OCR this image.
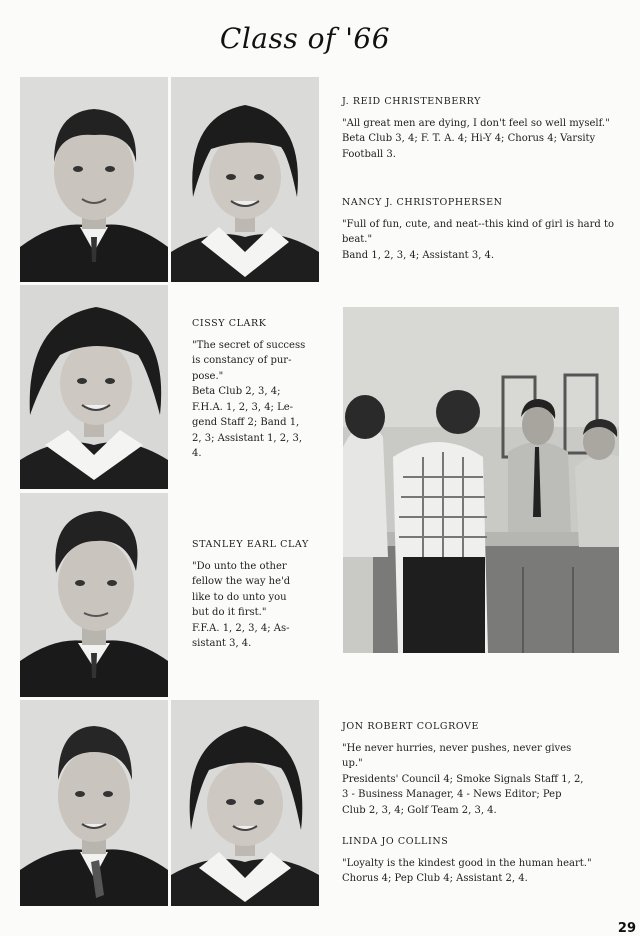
Class of '66
J. REID CHRISTENBERRY

"All great men are dying, I don't feel so well myself."

Beta Club 3, 4; F. T. A. 4; Hi-Y 4; Chorus 4; Varsity Football 3.

NANCY J. CHRISTOPHERSEN

"Full of fun, cute, and neat--this kind of girl is hard to beat."

Band 1, 2, 3, 4; Assistant 3, 4.

CISSY CLARK
"The secret of success
is constancy of pur-
pose."
Beta Club 2, 3, 4;
F.H.A. 1, 2, 3, 4; Le-
gend Staff 2; Band 1,
2, 3; Assistant 1, 2, 3,
4.
STANLEY EARL CLAY
"Do unto the other
fellow the way he'd
like to do unto you
but do it first."
F.F.A. 1, 2, 3, 4; As-
sistant 3, 4.
JON ROBERT COLGROVE
"He never hurries, never pushes, never gives
up."
Presidents' Council 4; Smoke Signals Staff 1, 2,
3 - Business Manager, 4 - News Editor; Pep
Club 2, 3, 4; Golf Team 2, 3, 4.
LINDA JO COLLINS

"Loyalty is the kindest good in the human heart."

Chorus 4; Pep Club 4; Assistant 2, 4.

29
